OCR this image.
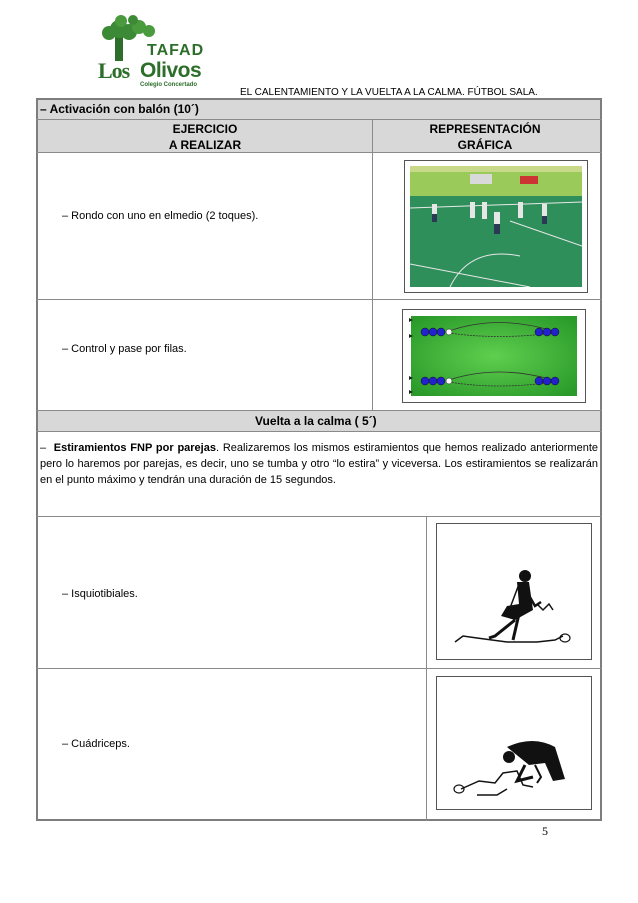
TAFAD
Los Olivos
Colegio Concertado
EL CALENTAMIENTO Y LA VUELTA A LA CALMA. FÚTBOL SALA.
– Activación con balón (10´)
EJERCICIO
A REALIZAR
REPRESENTACIÓN
GRÁFICA
– Rondo con uno en elmedio (2 toques).
– Control y pase por filas.
Vuelta a la calma ( 5´)
– Estiramientos FNP por parejas. Realizaremos los mismos estiramientos que hemos realizado anteriormente pero lo haremos por parejas, es decir, uno se tumba y otro “lo estira” y viceversa. Los estiramientos se realizarán en el punto máximo y tendrán una duración de 15 segundos.
– Isquiotibiales.
– Cuádriceps.
5
